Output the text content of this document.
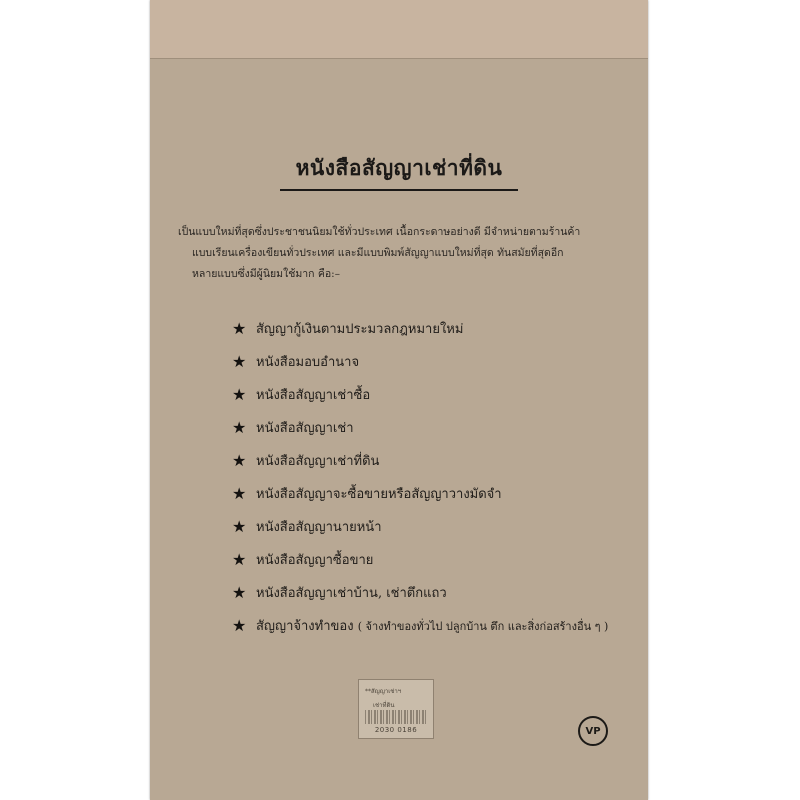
หนังสือสัญญาเช่าที่ดิน

เป็นแบบใหม่ที่สุดซึ่งประชาชนนิยมใช้ทั่วประเทศ เนื้อกระดาษอย่างดี มีจำหน่ายตามร้านค้า

แบบเรียนเครื่องเขียนทั่วประเทศ และมีแบบพิมพ์สัญญาแบบใหม่ที่สุด ทันสมัยที่สุดอีก

หลายแบบซึ่งมีผู้นิยมใช้มาก คือ:–

★ สัญญากู้เงินตามประมวลกฎหมายใหม่
★ หนังสือมอบอำนาจ
★ หนังสือสัญญาเช่าซื้อ
★ หนังสือสัญญาเช่า
★ หนังสือสัญญาเช่าที่ดิน
★ หนังสือสัญญาจะซื้อขายหรือสัญญาวางมัดจำ
★ หนังสือสัญญานายหน้า
★ หนังสือสัญญาซื้อขาย
★ หนังสือสัญญาเช่าบ้าน, เช่าตึกแถว
★ สัญญาจ้างทำของ
( จ้างทำของทั่วไป ปลูกบ้าน ตึก และสิ่งก่อสร้างอื่น ๆ )
**สัญญาเช่าฯ
เช่าที่ดิน
2030 0186	VP
